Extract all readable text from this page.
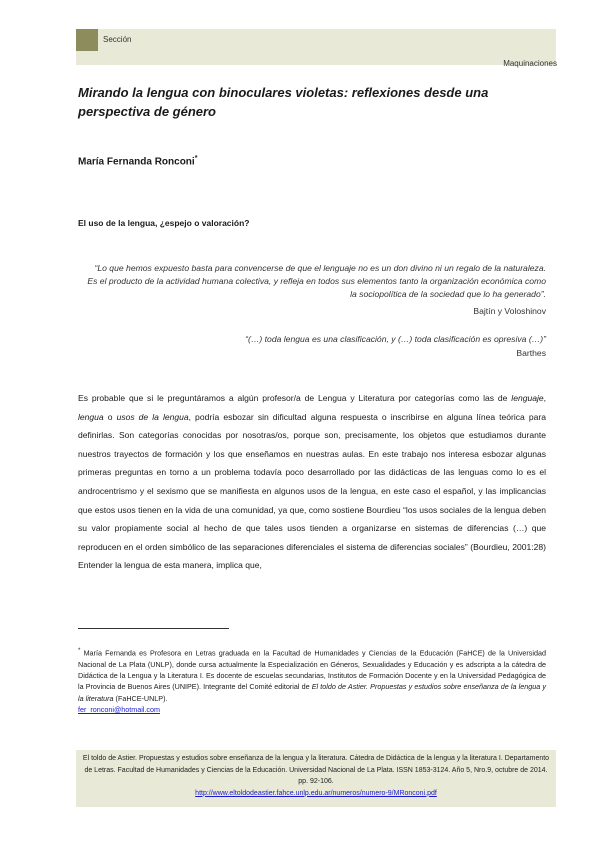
Sección
Maquinaciones
Mirando la lengua con binoculares violetas: reflexiones desde una perspectiva de género
María Fernanda Ronconi*
El uso de la lengua, ¿espejo o valoración?

“Lo que hemos expuesto basta para convencerse de que el lenguaje no es un don divino ni un regalo de la naturaleza. Es el producto de la actividad humana colectiva, y refleja en todos sus elementos tanto la organización económica como la sociopolítica de la sociedad que lo ha generado”.

Bajtín y Voloshinov
“(…) toda lengua es una clasificación, y (…) toda clasificación es opresiva (…)”
Barthes

Es probable que si le preguntáramos a algún profesor/a de Lengua y Literatura por categorías como las de lenguaje, lengua o usos de la lengua, podría esbozar sin dificultad alguna respuesta o inscribirse en alguna línea teórica para definirlas. Son categorías conocidas por nosotras/os, porque son, precisamente, los objetos que estudiamos durante nuestros trayectos de formación y los que enseñamos en nuestras aulas. En este trabajo nos interesa esbozar algunas primeras preguntas en torno a un problema todavía poco desarrollado por las didácticas de las lenguas como lo es el androcentrismo y el sexismo que se manifiesta en algunos usos de la lengua, en este caso el español, y las implicancias que estos usos tienen en la vida de una comunidad, ya que, como sostiene Bourdieu “los usos sociales de la lengua deben su valor propiamente social al hecho de que tales usos tienden a organizarse en sistemas de diferencias (…) que reproducen en el orden simbólico de las separaciones diferenciales el sistema de diferencias sociales” (Bourdieu, 2001:28) Entender la lengua de esta manera, implica que,

* María Fernanda es Profesora en Letras graduada en la Facultad de Humanidades y Ciencias de la Educación (FaHCE) de la Universidad Nacional de La Plata (UNLP), donde cursa actualmente la Especialización en Géneros, Sexualidades y Educación y es adscripta a la cátedra de Didáctica de la Lengua y la Literatura I. Es docente de escuelas secundarias, Institutos de Formación Docente y en la Universidad Pedagógica de la Provincia de Buenos Aires (UNIPE). Integrante del Comité editorial de El toldo de Astier. Propuestas y estudios sobre enseñanza de la lengua y la literatura (FaHCE-UNLP).
fer_ronconi@hotmail.com

El toldo de Astier. Propuestas y estudios sobre enseñanza de la lengua y la literatura. Cátedra de Didáctica de la lengua y la literatura I. Departamento de Letras. Facultad de Humanidades y Ciencias de la Educación. Universidad Nacional de La Plata. ISSN 1853-3124. Año 5, Nro.9, octubre de 2014. pp. 92-106.
http://www.eltoldodeastier.fahce.unlp.edu.ar/numeros/numero-9/MRonconi.pdf
